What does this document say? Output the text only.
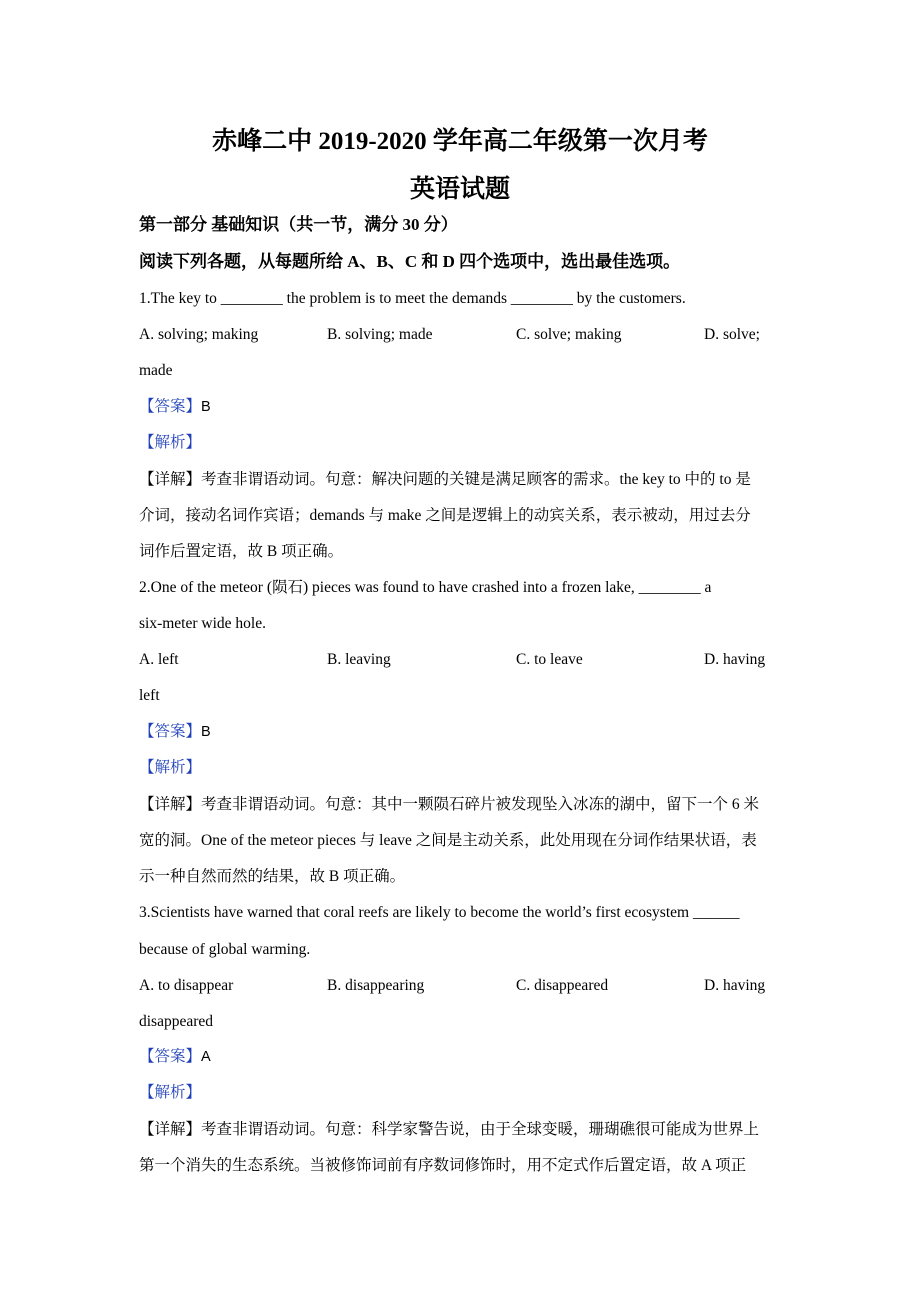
赤峰二中 2019-2020 学年高二年级第一次月考
英语试题
第一部分 基础知识（共一节，满分 30 分）
阅读下列各题，从每题所给 A、B、C 和 D 四个选项中，选出最佳选项。
1.The key to ________ the problem is to meet the demands ________ by the customers.
A. solving; making	B. solving; made	C. solve; making	D. solve;
made
【答案】B
【解析】
【详解】考查非谓语动词。句意：解决问题的关键是满足顾客的需求。the key to 中的 to 是
介词，接动名词作宾语；demands 与 make 之间是逻辑上的动宾关系，表示被动，用过去分
词作后置定语，故 B 项正确。
2.One of the meteor (陨石) pieces was found to have crashed into a frozen lake, ________ a
six-meter wide hole.
A. left	B. leaving	C. to leave	D. having
left
【答案】B
【解析】
【详解】考查非谓语动词。句意：其中一颗陨石碎片被发现坠入冰冻的湖中，留下一个 6 米
宽的洞。One of the meteor pieces 与 leave 之间是主动关系，此处用现在分词作结果状语，表
示一种自然而然的结果，故 B 项正确。
3.Scientists have warned that coral reefs are likely to become the world’s first ecosystem ______
because of global warming.
A. to disappear	B. disappearing	C. disappeared	D. having
disappeared
【答案】A
【解析】
【详解】考查非谓语动词。句意：科学家警告说，由于全球变暖，珊瑚礁很可能成为世界上
第一个消失的生态系统。当被修饰词前有序数词修饰时，用不定式作后置定语，故 A 项正
